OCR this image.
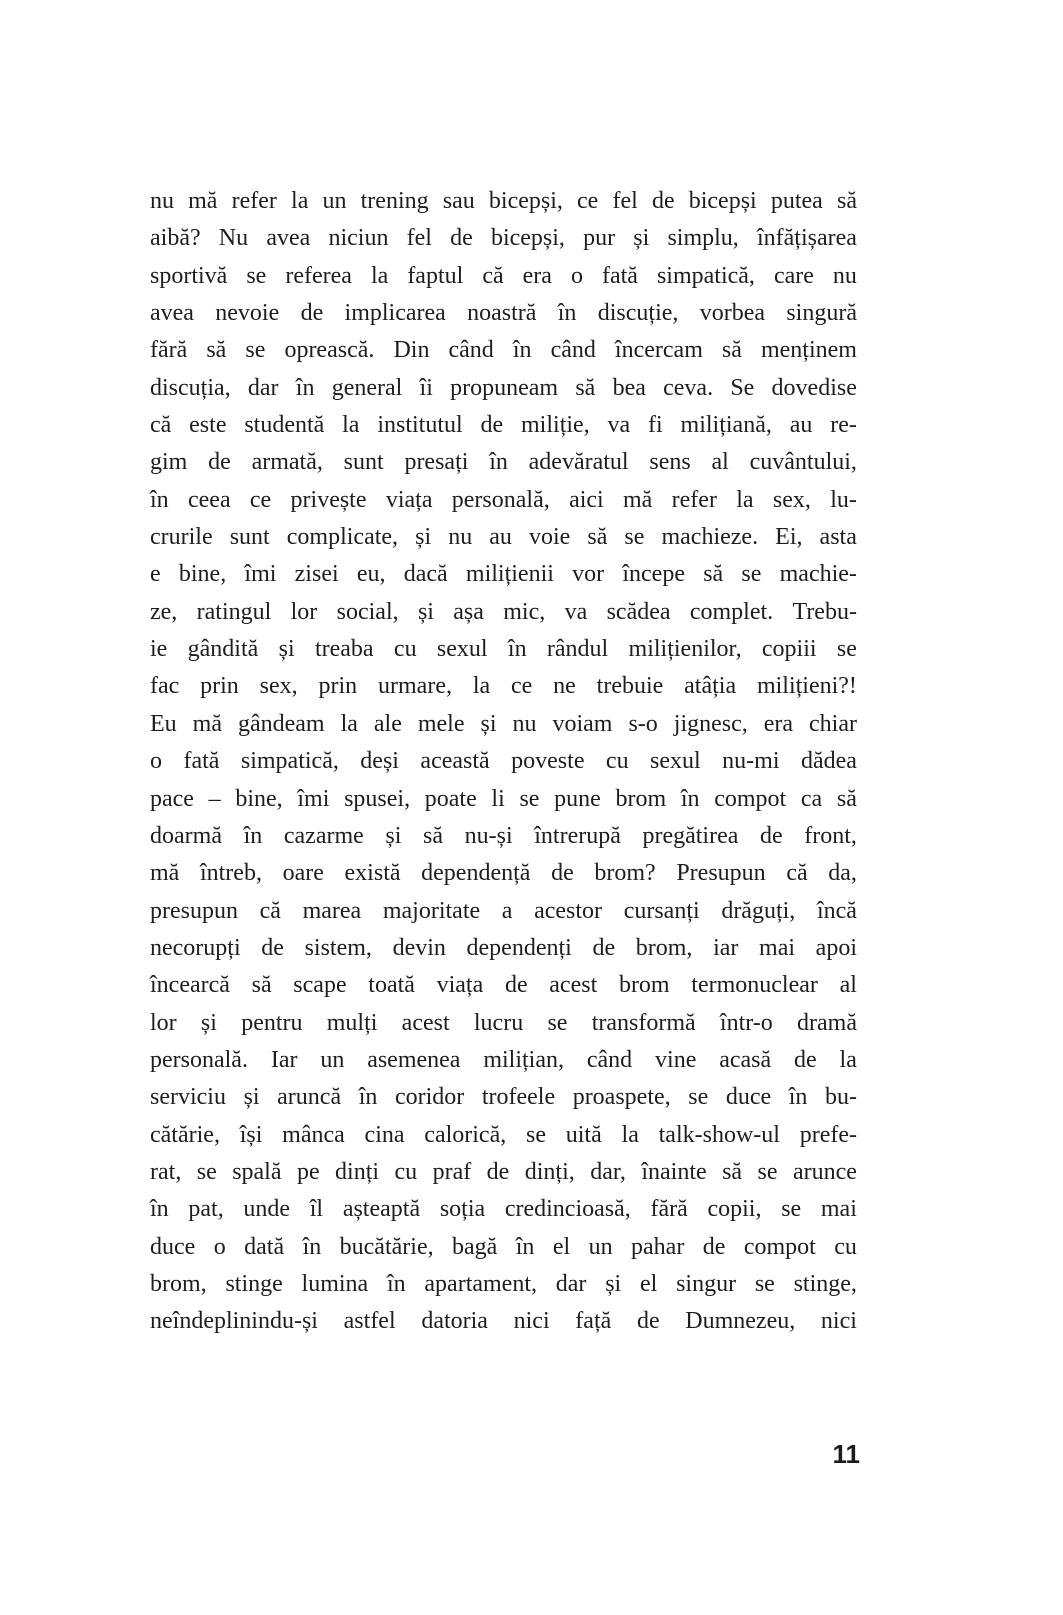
nu mă refer la un trening sau bicepși, ce fel de bicepși putea să
aibă? Nu avea niciun fel de bicepși, pur și simplu, înfățișarea
sportivă se referea la faptul că era o fată simpatică, care nu
avea nevoie de implicarea noastră în discuție, vorbea singură
fără să se oprească. Din când în când încercam să menținem
discuția, dar în general îi propuneam să bea ceva. Se dovedise
că este studentă la institutul de miliție, va fi milițiană, au re-
gim de armată, sunt presați în adevăratul sens al cuvântului,
în ceea ce privește viața personală, aici mă refer la sex, lu-
crurile sunt complicate, și nu au voie să se machieze. Ei, asta
e bine, îmi zisei eu, dacă milițienii vor începe să se machie-
ze, ratingul lor social, și așa mic, va scădea complet. Trebu-
ie gândită și treaba cu sexul în rândul milițienilor, copiii se
fac prin sex, prin urmare, la ce ne trebuie atâția milițieni?!
Eu mă gândeam la ale mele și nu voiam s-o jignesc, era chiar
o fată simpatică, deși această poveste cu sexul nu-mi dădea
pace – bine, îmi spusei, poate li se pune brom în compot ca să
doarmă în cazarme și să nu-și întrerupă pregătirea de front,
mă întreb, oare există dependență de brom? Presupun că da,
presupun că marea majoritate a acestor cursanți drăguți, încă
necorupți de sistem, devin dependenți de brom, iar mai apoi
încearcă să scape toată viața de acest brom termonuclear al
lor și pentru mulți acest lucru se transformă într-o dramă
personală. Iar un asemenea milițian, când vine acasă de la
serviciu și aruncă în coridor trofeele proaspete, se duce în bu-
cătărie, își mânca cina calorică, se uită la talk-show-ul prefe-
rat, se spală pe dinți cu praf de dinți, dar, înainte să se arunce
în pat, unde îl așteaptă soția credincioasă, fără copii, se mai
duce o dată în bucătărie, bagă în el un pahar de compot cu
brom, stinge lumina în apartament, dar și el singur se stinge,
neîndeplinindu-și astfel datoria nici față de Dumnezeu, nici
11
